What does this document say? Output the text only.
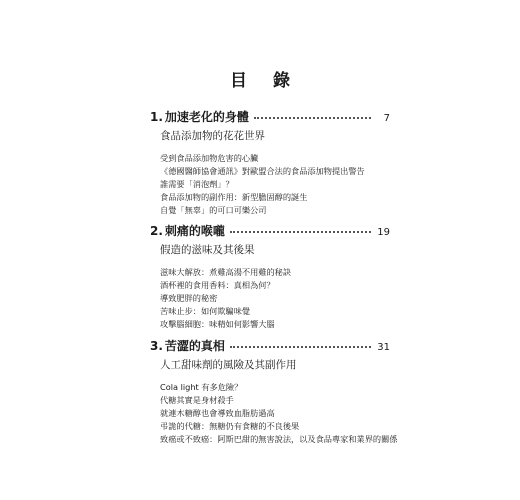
目 錄
1. 加速老化的身體	7
食品添加物的花花世界
受到食品添加物危害的心臟
《德國醫師協會通訊》對歐盟合法的食品添加物提出警告
誰需要「消泡劑」？
食品添加物的副作用：新型膽固醇的誕生
自覺「無辜」的可口可樂公司
2. 刺痛的喉嚨	19
假造的滋味及其後果
滋味大解放：煮雞高湯不用雞的秘訣
酒杯裡的食用香料：真相為何？
導致肥胖的秘密
苦味止步：如何欺騙味覺
攻擊腦細胞：味精如何影響大腦
3. 苦澀的真相	31
人工甜味劑的風險及其副作用
Cola light 有多危險？
代糖其實是身材殺手
就連木糖醇也會導致血脂肪過高
弔詭的代糖：無糖仍有食糖的不良後果
致癌或不致癌：阿斯巴甜的無害說法，以及食品專家和業界的關係
